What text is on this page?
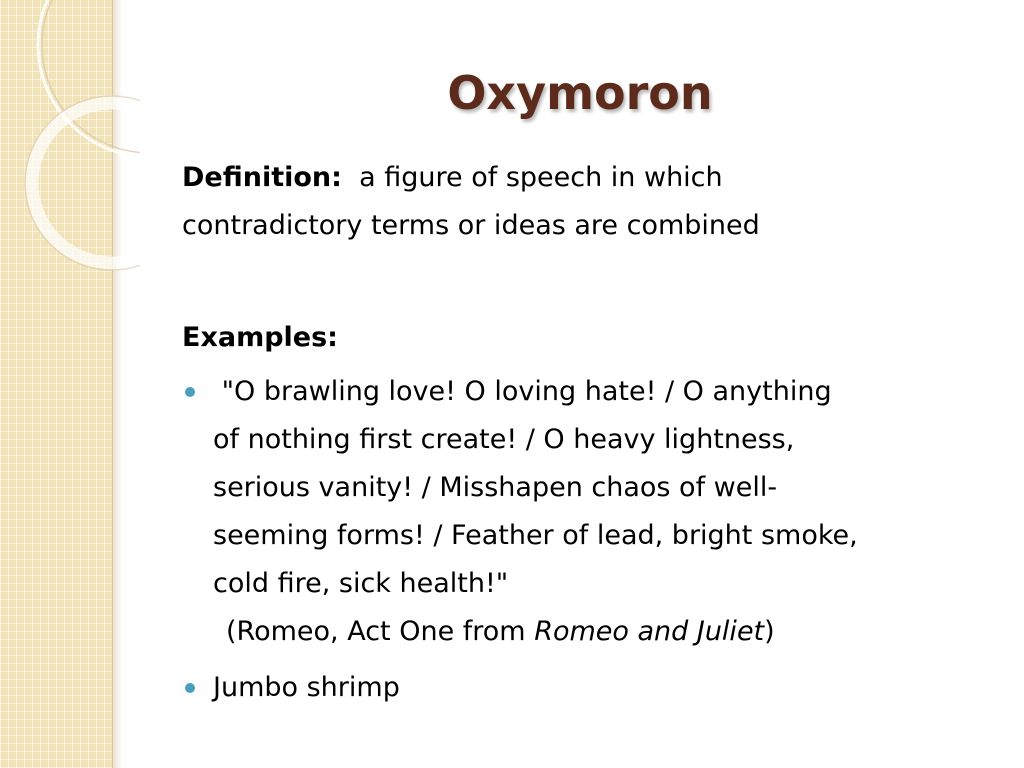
Oxymoron

Definition: a figure of speech in which
contradictory terms or ideas are combined

Examples:

"O brawling love! O loving hate! / O anything
of nothing first create! / O heavy lightness,
serious vanity! / Misshapen chaos of well-
seeming forms! / Feather of lead, bright smoke,
cold fire, sick health!"
(Romeo, Act One from Romeo and Juliet)
Jumbo shrimp
